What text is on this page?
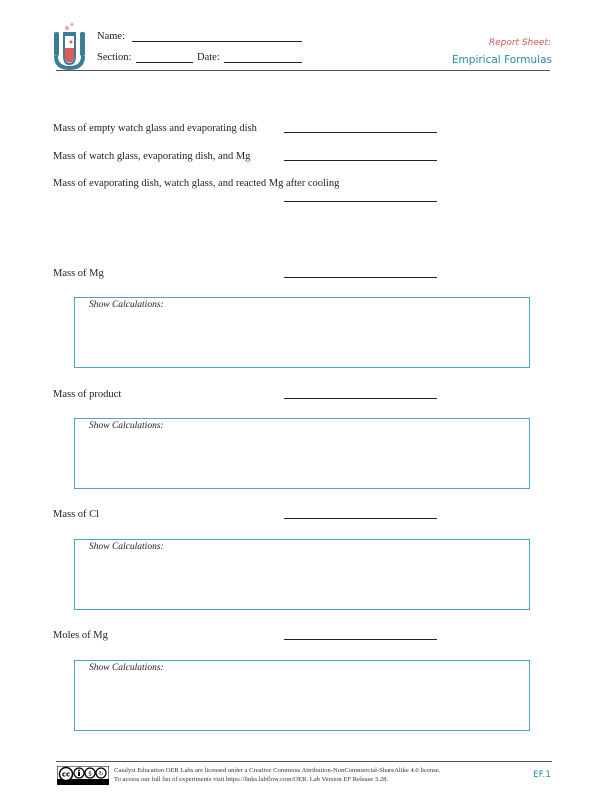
Name:
Section:	Date:
Report Sheet:
Empirical Formulas
Mass of empty watch glass and evaporating dish
Mass of watch glass, evaporating dish, and Mg
Mass of evaporating dish, watch glass, and reacted Mg after cooling
Mass of Mg
Show Calculations:
Mass of product
Show Calculations:
Mass of Cl
Show Calculations:
Moles of Mg
Show Calculations:
$ ↻
cc	Catalyst Education OER Labs are licensed under a Creative Commons Attribution-NonCommercial-ShareAlike 4.0 license.
To access our full list of experiments visit https://links.labflow.com/OER. Lab Version EF Release 3.28.	EF.1
